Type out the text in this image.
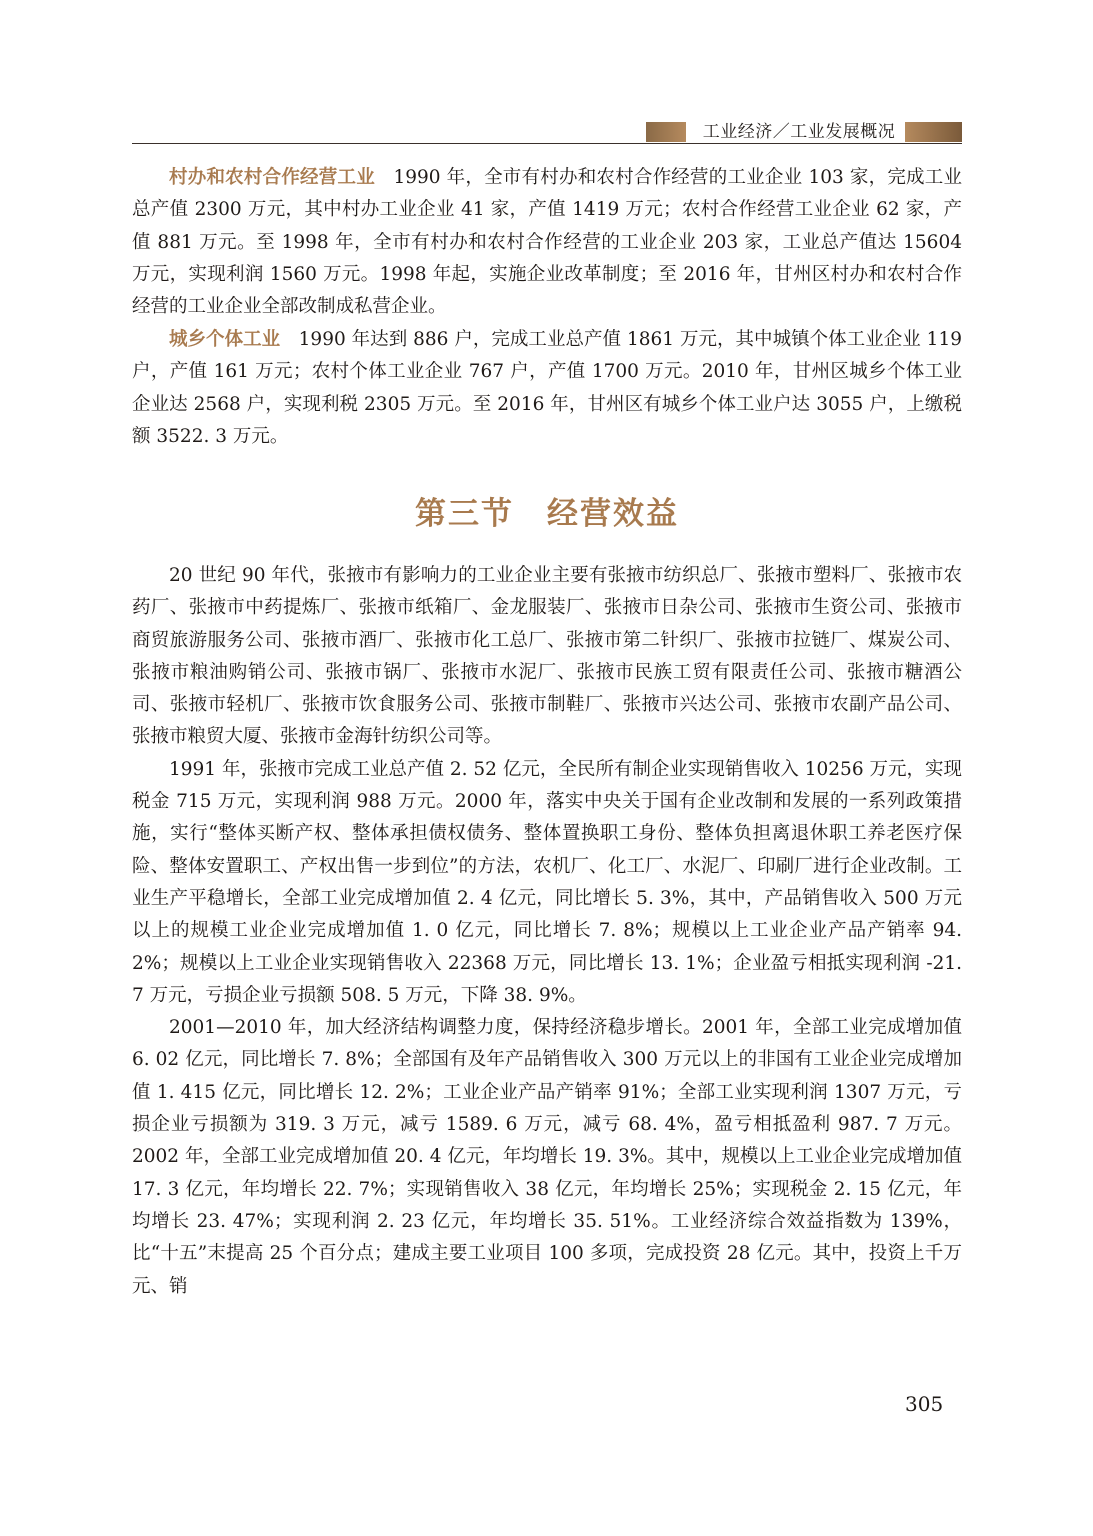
工业经济／工业发展概况

村办和农村合作经营工业 1990 年，全市有村办和农村合作经营的工业企业 103 家，完成工业总产值 2300 万元，其中村办工业企业 41 家，产值 1419 万元；农村合作经营工业企业 62 家，产值 881 万元。至 1998 年，全市有村办和农村合作经营的工业企业 203 家，工业总产值达 15604 万元，实现利润 1560 万元。1998 年起，实施企业改革制度；至 2016 年，甘州区村办和农村合作经营的工业企业全部改制成私营企业。

城乡个体工业 1990 年达到 886 户，完成工业总产值 1861 万元，其中城镇个体工业企业 119 户，产值 161 万元；农村个体工业企业 767 户，产值 1700 万元。2010 年，甘州区城乡个体工业企业达 2568 户，实现利税 2305 万元。至 2016 年，甘州区有城乡个体工业户达 3055 户，上缴税额 3522. 3 万元。

第三节　经营效益

20 世纪 90 年代，张掖市有影响力的工业企业主要有张掖市纺织总厂、张掖市塑料厂、张掖市农药厂、张掖市中药提炼厂、张掖市纸箱厂、金龙服装厂、张掖市日杂公司、张掖市生资公司、张掖市商贸旅游服务公司、张掖市酒厂、张掖市化工总厂、张掖市第二针织厂、张掖市拉链厂、煤炭公司、张掖市粮油购销公司、张掖市锅厂、张掖市水泥厂、张掖市民族工贸有限责任公司、张掖市糖酒公司、张掖市轻机厂、张掖市饮食服务公司、张掖市制鞋厂、张掖市兴达公司、张掖市农副产品公司、张掖市粮贸大厦、张掖市金海针纺织公司等。

1991 年，张掖市完成工业总产值 2. 52 亿元，全民所有制企业实现销售收入 10256 万元，实现税金 715 万元，实现利润 988 万元。2000 年，落实中央关于国有企业改制和发展的一系列政策措施，实行“整体买断产权、整体承担债权债务、整体置换职工身份、整体负担离退休职工养老医疗保险、整体安置职工、产权出售一步到位”的方法，农机厂、化工厂、水泥厂、印刷厂进行企业改制。工业生产平稳增长，全部工业完成增加值 2. 4 亿元，同比增长 5. 3%，其中，产品销售收入 500 万元以上的规模工业企业完成增加值 1. 0 亿元，同比增长 7. 8%；规模以上工业企业产品产销率 94. 2%；规模以上工业企业实现销售收入 22368 万元，同比增长 13. 1%；企业盈亏相抵实现利润 -21. 7 万元，亏损企业亏损额 508. 5 万元，下降 38. 9%。

2001—2010 年，加大经济结构调整力度，保持经济稳步增长。2001 年，全部工业完成增加值6. 02 亿元，同比增长 7. 8%；全部国有及年产品销售收入 300 万元以上的非国有工业企业完成增加值 1. 415 亿元，同比增长 12. 2%；工业企业产品产销率 91%；全部工业实现利润 1307 万元，亏损企业亏损额为 319. 3 万元，减亏 1589. 6 万元，减亏 68. 4%，盈亏相抵盈利 987. 7 万元。2002 年，全部工业完成增加值 20. 4 亿元，年均增长 19. 3%。其中，规模以上工业企业完成增加值 17. 3 亿元，年均增长 22. 7%；实现销售收入 38 亿元，年均增长 25%；实现税金 2. 15 亿元，年均增长 23. 47%；实现利润 2. 23 亿元，年均增长 35. 51%。工业经济综合效益指数为 139%，比“十五”末提高 25 个百分点；建成主要工业项目 100 多项，完成投资 28 亿元。其中，投资上千万元、销

305
